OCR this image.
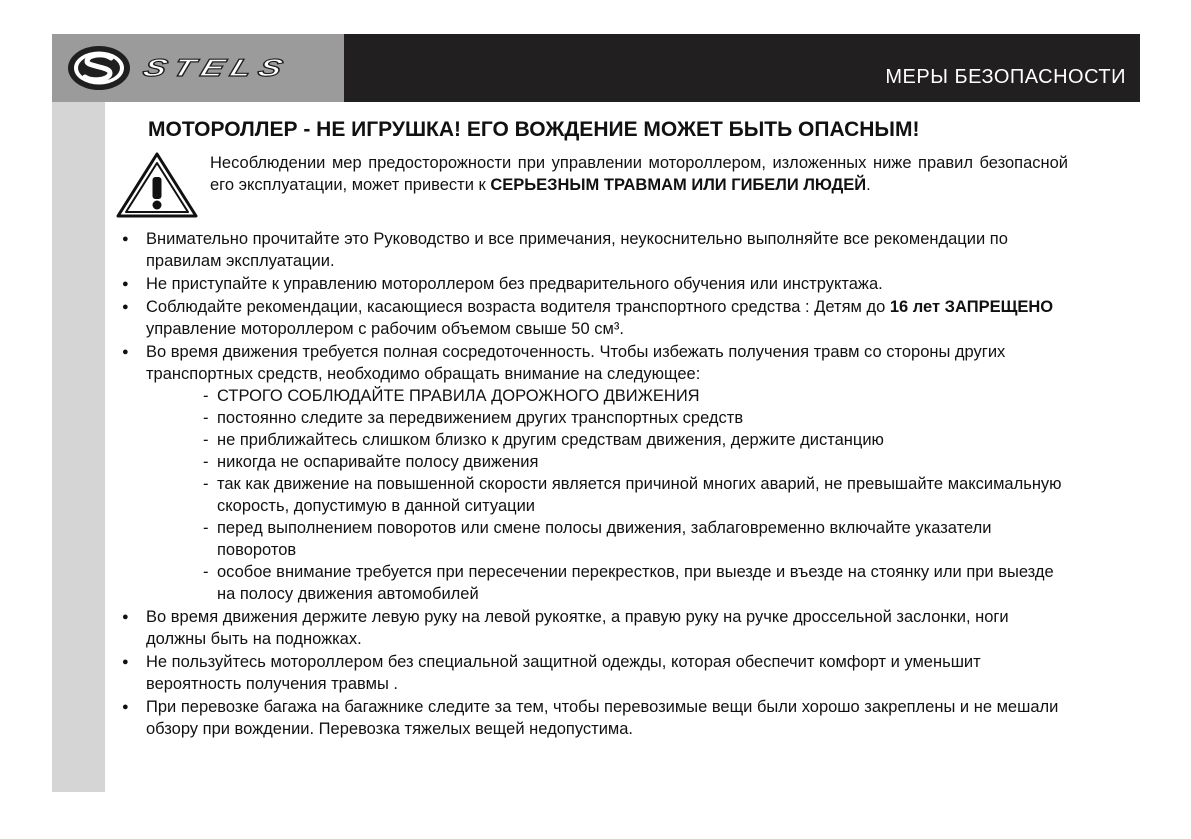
STELS	МЕРЫ БЕЗОПАСНОСТИ
МОТОРОЛЛЕР - НЕ ИГРУШКА! ЕГО ВОЖДЕНИЕ МОЖЕТ БЫТЬ ОПАСНЫМ!
Несоблюдении мер предосторожности при управлении мотороллером, изложенных ниже правил безопасной его эксплуатации, может привести к СЕРЬЕЗНЫМ ТРАВМАМ ИЛИ ГИБЕЛИ ЛЮДЕЙ.
● Внимательно прочитайте это Руководство и все примечания, неукоснительно выполняйте все рекомендации по правилам эксплуатации.
● Не приступайте к управлению мотороллером без предварительного обучения или инструктажа.
● Соблюдайте рекомендации, касающиеся возраста водителя транспортного средства : Детям до 16 лет ЗАПРЕЩЕНО управление мотороллером с рабочим объемом свыше 50 см³.
● Во время движения требуется полная сосредоточенность. Чтобы избежать получения травм со стороны других транспортных средств, необходимо обращать внимание на следующее:
- СТРОГО СОБЛЮДАЙТЕ ПРАВИЛА ДОРОЖНОГО ДВИЖЕНИЯ
- постоянно следите за передвижением других транспортных средств
- не приближайтесь слишком близко к другим средствам движения, держите дистанцию
- никогда не оспаривайте полосу движения
- так как движение на повышенной скорости является причиной многих аварий, не превышайте максимальную скорость, допустимую в данной ситуации
- перед выполнением поворотов или смене полосы движения, заблаговременно включайте указатели поворотов
- особое внимание требуется при пересечении перекрестков, при выезде и въезде на стоянку или при выезде на полосу движения автомобилей
● Во время движения держите левую руку на левой рукоятке, а правую руку на ручке дроссельной заслонки, ноги должны быть на подножках.
● Не пользуйтесь мотороллером без специальной защитной одежды, которая обеспечит комфорт и уменьшит вероятность получения травмы .
● При перевозке багажа на багажнике следите за тем, чтобы перевозимые вещи были хорошо закреплены и не мешали обзору при вождении. Перевозка тяжелых вещей недопустима.
